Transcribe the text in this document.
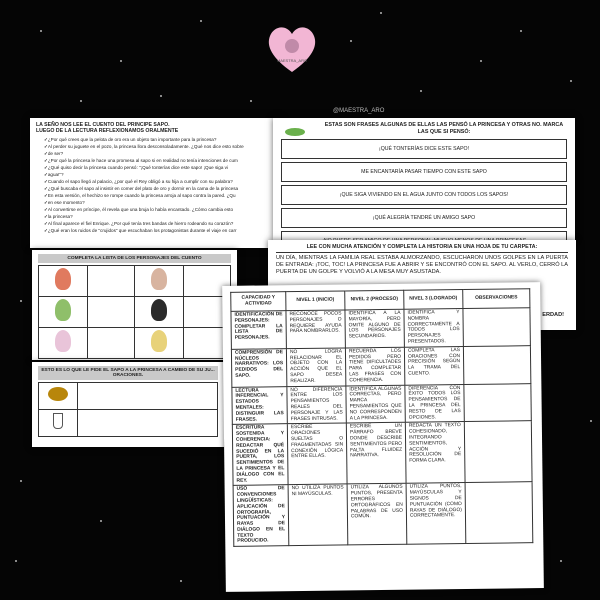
MAESTRA_ARO
LA SEÑO NOS LEE EL CUENTO DEL PRINCIPE SAPO.
LUEGO DE LA LECTURA REFLEXIONAMOS ORALMENTE
✓ ¿Por qué crees que la pelota de oro era un objeto tan importante para la princesa?
✓ Al perder su juguete en el pozo, la princesa llora desconsoladamente. ¿Qué nos dice esto sobre
✓ de ser?
✓ ¿Por qué la princesa le hace una promesa al sapo si en realidad no tenía intenciones de cum
✓ ¿Qué quiso decir la princesa cuando pensó: "¡Qué tonterías dice este sapo! ¡Que siga vi
✓ agua!"?
✓ Cuando el sapo llegó al palacio, ¿por qué el Rey obligó a su hija a cumplir con su palabra?
✓ ¿Qué buscaba el sapo al insistir en comer del plato de oro y dormir en la cama de la princesa
✓ En esta versión, el hechizo se rompe cuando la princesa arroja al sapo contra la pared. ¿Qu
✓ en ese momento?
✓ Al convertirse en príncipe, él revela que una bruja lo había encantado. ¿Cómo cambia esto
✓ la princesa?
✓ Al final aparece el fiel Enrique. ¿Por qué tenía tres bandas de hierro rodeando su corazón?
✓ ¿Qué eran los ruidos de "crujidos" que escuchaban los protagonistas durante el viaje en carr
COMPLETA LA LISTA DE LOS PERSONAJES DEL CUENTO

ESTO ES LO QUE LE PIDE EL SAPO A LA PRINCESA A CAMBIO DE SU JU... ORACIONES.

@MAESTRA_ARO
ESTAS SON FRASES ALGUNAS DE ELLAS LAS PENSÓ LA PRINCESA Y OTRAS NO. MARCA LAS QUE SI PENSÓ:
¡QUÉ TONTERÍAS DICE ESTE SAPO!
ME ENCANTARÍA PASAR TIEMPO CON ESTE SAPO
¡QUE SIGA VIVIENDO EN EL AGUA JUNTO CON TODOS LOS SAPOS!
¡QUÉ ALEGRÍA TENDRÉ UN AMIGO SAPO
LEE CON MUCHA ATENCIÓN Y COMPLETA LA HISTORIA EN UNA HOJA DE TU CARPETA:

UN DÍA, MIENTRAS LA FAMILIA REAL ESTABA ALMORZANDO, ESCUCHARON UNOS GOLPES EN LA PUERTA DE ENTRADA: ¡TOC, TOC! LA PRINCESA FUE A ABRIR Y SE ENCONTRÓ CON EL SAPO. AL VERLO, CERRÓ LA PUERTA DE UN GOLPE Y VOLVIÓ A LA MESA MUY ASUSTADA.

ERDAD!
CAPACIDAD Y ACTIVIDAD	NIVEL 1 (INICIO)	NIVEL 2 (PROCESO)	NIVEL 3 (LOGRADO)	OBSERVACIONES
IDENTIFICACIÓN DE PERSONAJES: COMPLETAR LA LISTA DE PERSONAJES.	RECONOCE POCOS PERSONAJES O REQUIERE AYUDA PARA NOMBRARLOS.	IDENTIFICA A LA MAYORÍA, PERO OMITE ALGUNO DE LOS PERSONAJES SECUNDARIOS.	IDENTIFICA Y NOMBRA CORRECTAMENTE A TODOS LOS PERSONAJES PRESENTADOS.	
COMPRENSIÓN DE NÚCLEOS NARRATIVOS: LOS PEDIDOS DEL SAPO.	NO LOGRA RELACIONAR EL OBJETO CON LA ACCIÓN QUE EL SAPO DESEA REALIZAR.	RECUERDA LOS PEDIDOS PERO TIENE DIFICULTADES PARA COMPLETAR LAS FRASES CON COHERENCIA.	COMPLETA LAS ORACIONES CON PRECISIÓN SEGÚN LA TRAMA DEL CUENTO.	
LECTURA INFERENCIAL Y ESTADOS MENTALES: DISTINGUIR LAS FRASES.	NO DIFERENCIA ENTRE LOS PENSAMIENTOS REALES DEL PERSONAJE Y LAS FRASES INTRUSAS.	IDENTIFICA ALGUNAS CORRECTAS, PERO MARCA PENSAMIENTOS QUE NO CORRESPONDEN A LA PRINCESA.	DIFERENCIA CON ÉXITO TODOS LOS PENSAMIENTOS DE LA PRINCESA DEL RESTO DE LAS OPCIONES.	
ESCRITURA SOSTENIDA Y COHERENCIA: REDACTAR QUÉ SUCEDIÓ EN LA PUERTA, LOS SENTIMIENTOS DE LA PRINCESA Y EL DIÁLOGO CON EL REY.	ESCRIBE ORACIONES SUELTAS O FRAGMENTADAS SIN CONEXIÓN LÓGICA ENTRE ELLAS.	ESCRIBE UN PÁRRAFO BREVE DONDE DESCRIBE SENTIMIENTOS PERO FALTA FLUIDEZ NARRATIVA.	REDACTA UN TEXTO COHESIONADO, INTEGRANDO SENTIMIENTOS, ACCIÓN Y RESOLUCIÓN DE FORMA CLARA.	
USO DE CONVENCIONES LINGÜÍSTICAS: APLICACIÓN DE ORTOGRAFÍA, PUNTUACIÓN Y RAYAS DE DIÁLOGO EN EL TEXTO PRODUCIDO.	NO UTILIZA PUNTOS NI MAYÚSCULAS.	UTILIZA ALGUNOS PUNTOS, PRESENTA ERRORES ORTOGRÁFICOS EN PALABRAS DE USO COMÚN.	UTILIZA PUNTOS, MAYÚSCULAS Y SIGNOS DE PUNTUACIÓN (COMO RAYAS DE DIÁLOGO) CORRECTAMENTE.	
